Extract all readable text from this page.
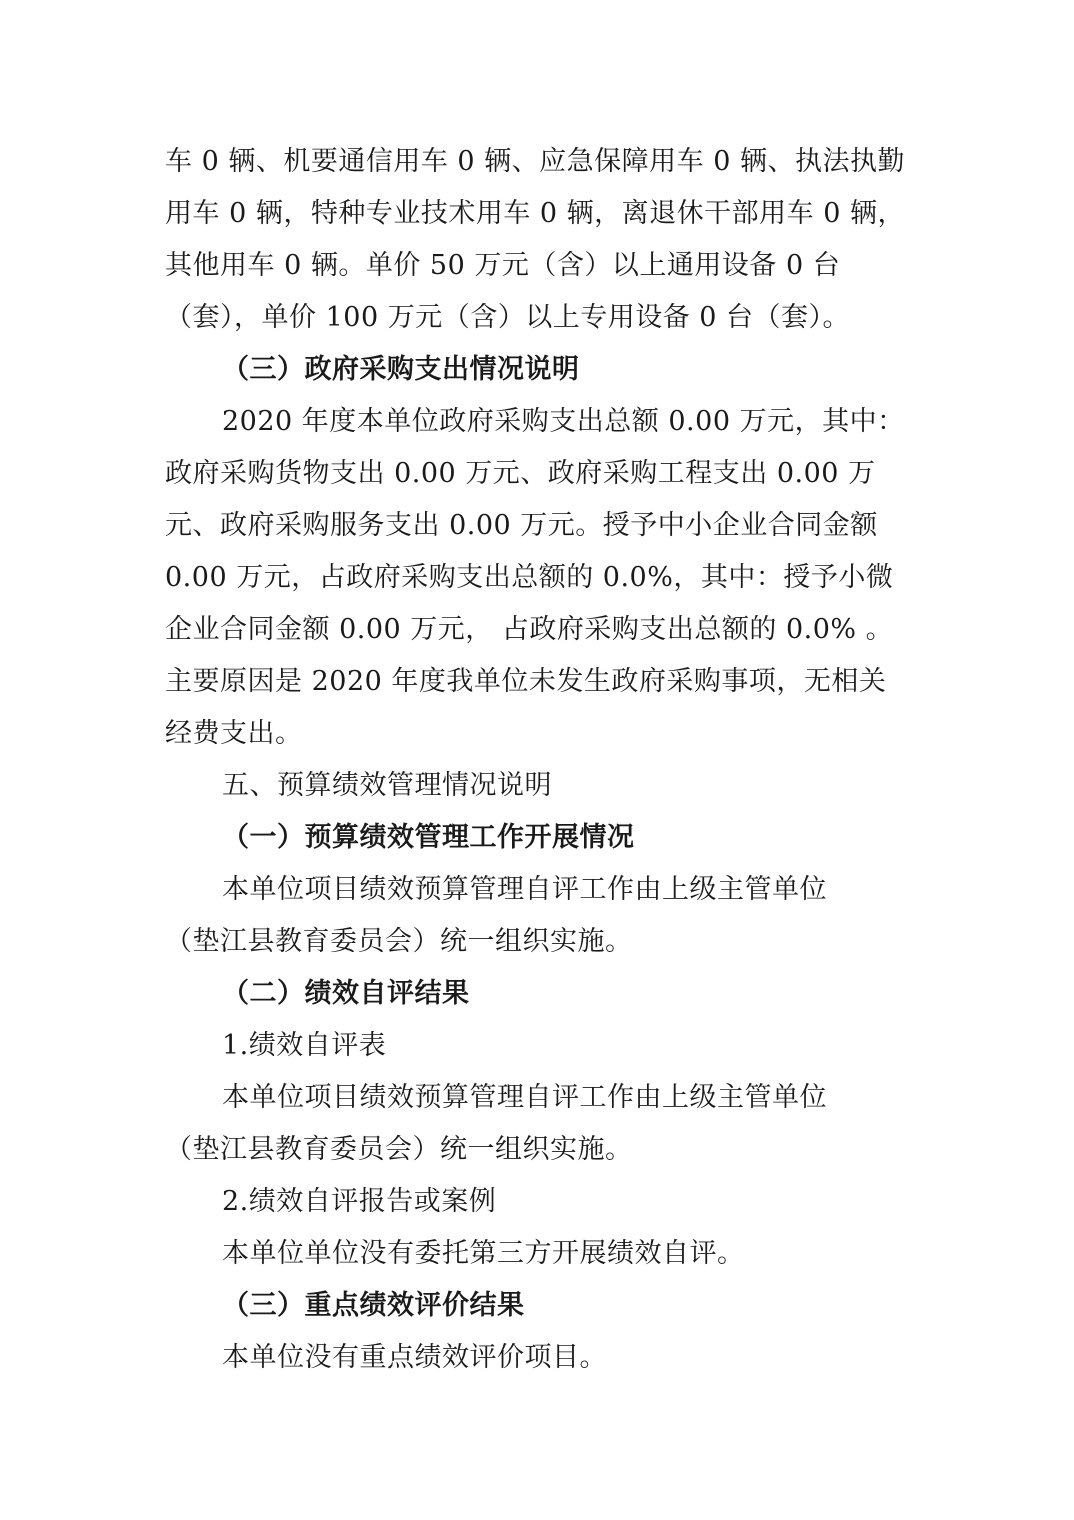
车 0 辆、机要通信用车 0 辆、应急保障用车 0 辆、执法执勤
用车 0 辆，特种专业技术用车 0 辆，离退休干部用车 0 辆，
其他用车 0 辆。单价 50 万元（含）以上通用设备 0 台
（套），单价 100 万元（含）以上专用设备 0 台（套）。
（三）政府采购支出情况说明
2020 年度本单位政府采购支出总额 0.00 万元，其中：
政府采购货物支出 0.00 万元、政府采购工程支出 0.00 万
元、政府采购服务支出 0.00 万元。授予中小企业合同金额
0.00 万元，占政府采购支出总额的 0.0%，其中：授予小微
企业合同金额 0.00 万元， 占政府采购支出总额的 0.0% 。
主要原因是 2020 年度我单位未发生政府采购事项，无相关
经费支出。
五、预算绩效管理情况说明
（一）预算绩效管理工作开展情况
本单位项目绩效预算管理自评工作由上级主管单位
（垫江县教育委员会）统一组织实施。
（二）绩效自评结果
1.绩效自评表
本单位项目绩效预算管理自评工作由上级主管单位
（垫江县教育委员会）统一组织实施。
2.绩效自评报告或案例
本单位单位没有委托第三方开展绩效自评。
（三）重点绩效评价结果
本单位没有重点绩效评价项目。
